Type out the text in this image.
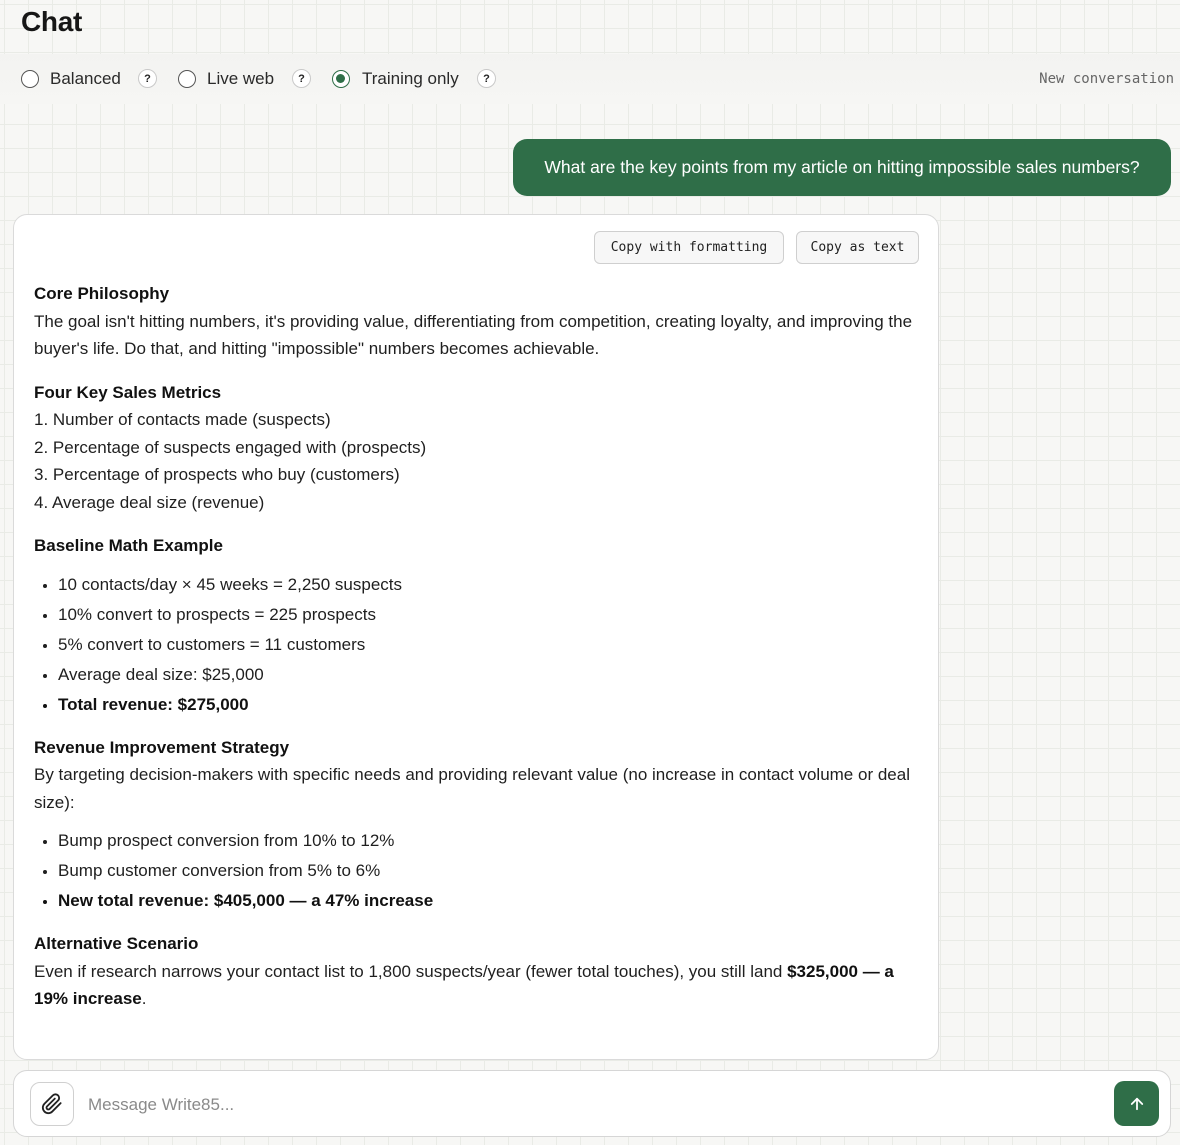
Chat
Balanced	?	Live web	?	Training only	?	New conversation
What are the key points from my article on hitting impossible sales numbers?
Copy with formatting	Copy as text
Core Philosophy

The goal isn't hitting numbers, it's providing value, differentiating from competition, creating loyalty, and improving the buyer's life. Do that, and hitting "impossible" numbers becomes achievable.

Four Key Sales Metrics

1. Number of contacts made (suspects)

2. Percentage of suspects engaged with (prospects)

3. Percentage of prospects who buy (customers)

4. Average deal size (revenue)

Baseline Math Example
• 10 contacts/day × 45 weeks = 2,250 suspects
• 10% convert to prospects = 225 prospects
• 5% convert to customers = 11 customers
• Average deal size: $25,000
• Total revenue: $275,000
Revenue Improvement Strategy

By targeting decision-makers with specific needs and providing relevant value (no increase in contact volume or deal size):

• Bump prospect conversion from 10% to 12%
• Bump customer conversion from 5% to 6%
• New total revenue: $405,000 — a 47% increase
Alternative Scenario

Even if research narrows your contact list to 1,800 suspects/year (fewer total touches), you still land $325,000 — a 19% increase.

Message Write85...
